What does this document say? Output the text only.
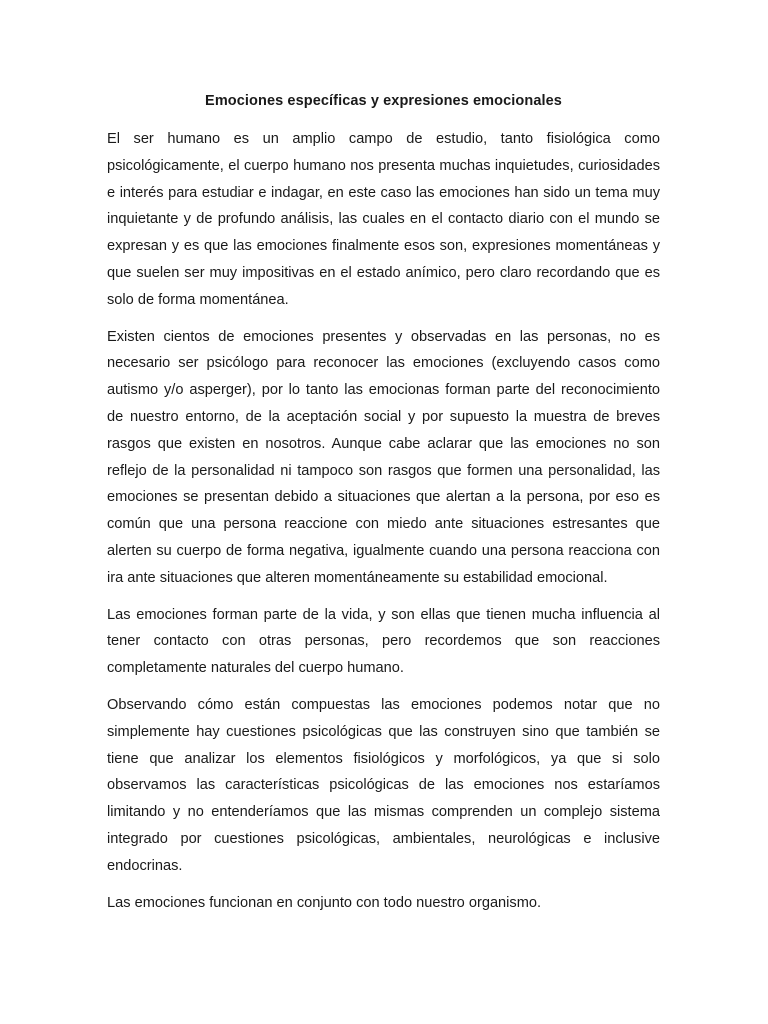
Emociones específicas y expresiones emocionales

El ser humano es un amplio campo de estudio, tanto fisiológica como psicológicamente, el cuerpo humano nos presenta muchas inquietudes, curiosidades e interés para estudiar e indagar, en este caso las emociones han sido un tema muy inquietante y de profundo análisis, las cuales en el contacto diario con el mundo se expresan y es que las emociones finalmente esos son, expresiones momentáneas y que suelen ser muy impositivas en el estado anímico, pero claro recordando que es solo de forma momentánea.

Existen cientos de emociones presentes y observadas en las personas, no es necesario ser psicólogo para reconocer las emociones (excluyendo casos como autismo y/o asperger), por lo tanto las emocionas forman parte del reconocimiento de nuestro entorno, de la aceptación social y por supuesto la muestra de breves rasgos que existen en nosotros. Aunque cabe aclarar que las emociones no son reflejo de la personalidad ni tampoco son rasgos que formen una personalidad, las emociones se presentan debido a situaciones que alertan a la persona, por eso es común que una persona reaccione con miedo ante situaciones estresantes que alerten su cuerpo de forma negativa, igualmente cuando una persona reacciona con ira ante situaciones que alteren momentáneamente su estabilidad emocional.

Las emociones forman parte de la vida, y son ellas que tienen mucha influencia al tener contacto con otras personas, pero recordemos que son reacciones completamente naturales del cuerpo humano.

Observando cómo están compuestas las emociones podemos notar que no simplemente hay cuestiones psicológicas que las construyen sino que también se tiene que analizar los elementos fisiológicos y morfológicos, ya que si solo observamos las características psicológicas de las emociones nos estaríamos limitando y no entenderíamos que las mismas comprenden un complejo sistema integrado por cuestiones psicológicas, ambientales, neurológicas e inclusive endocrinas.

Las emociones funcionan en conjunto con todo nuestro organismo.
